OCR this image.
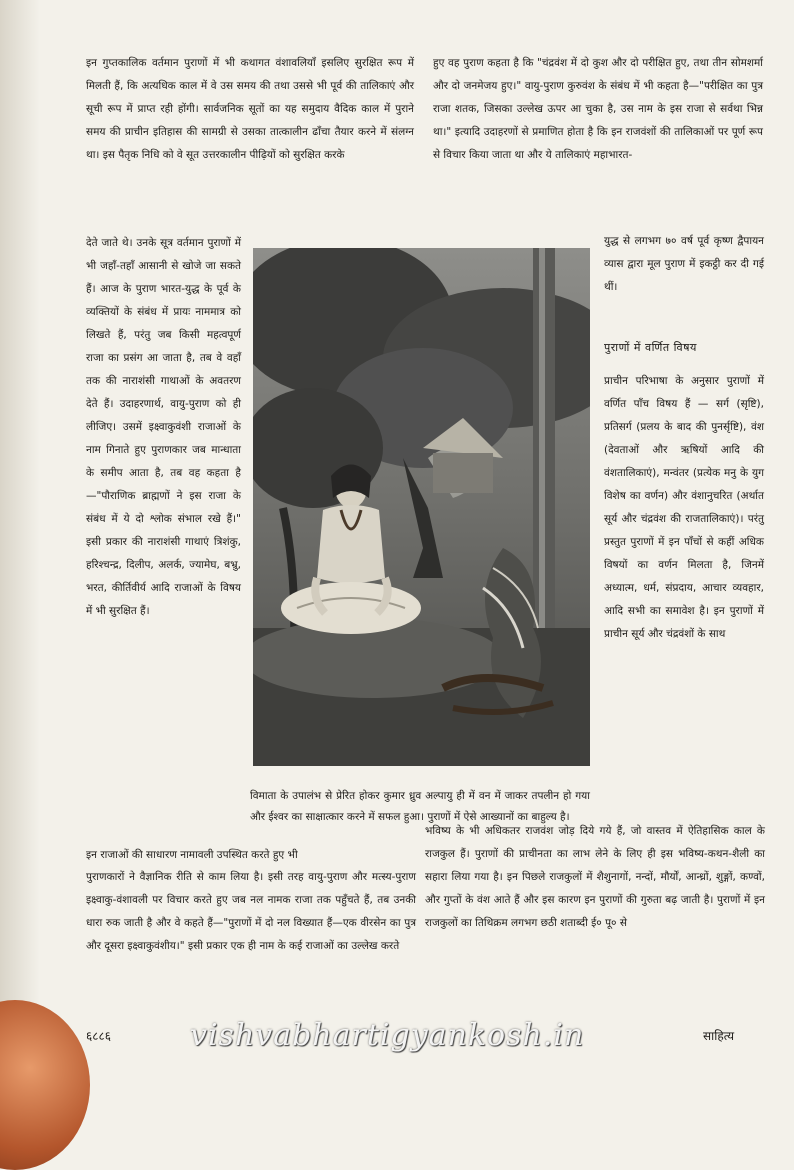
इन गुप्तकालिक वर्तमान पुराणों में भी कथागत वंशावलियाँ इसलिए सुरक्षित रूप में मिलती हैं, कि अत्यधिक काल में वे उस समय की तथा उससे भी पूर्व की तालिकाएं और सूची रूप में प्राप्त रही होंगी। सार्वजनिक सूतों का यह समुदाय वैदिक काल में पुराने समय की प्राचीन इतिहास की सामग्री से उसका तात्कालीन ढाँचा तैयार करने में संलग्न था। इस पैतृक निधि को वे सूत उत्तरकालीन पीढ़ियों को सुरक्षित करके

हुए वह पुराण कहता है कि "चंद्रवंश में दो कुश और दो परीक्षित हुए, तथा तीन सोमशर्मा और दो जनमेजय हुए।" वायु-पुराण कुरुवंश के संबंध में भी कहता है—"परीक्षित का पुत्र राजा शतक, जिसका उल्लेख ऊपर आ चुका है, उस नाम के इस राजा से सर्वथा भिन्न था।" इत्यादि उदाहरणों से प्रमाणित होता है कि इन राजवंशों की तालिकाओं पर पूर्ण रूप से विचार किया जाता था और ये तालिकाएं महाभारत-

युद्ध से लगभग ७० वर्ष पूर्व कृष्ण द्वैपायन व्यास द्वारा मूल पुराण में इकट्ठी कर दी गई थीं।

पुराणों में वर्णित विषय

देते जाते थे। उनके सूत्र वर्तमान पुराणों में भी जहाँ-तहाँ आसानी से खोजे जा सकते हैं। आज के पुराण भारत-युद्ध के पूर्व के व्यक्तियों के संबंध में प्रायः नाममात्र को लिखते हैं, परंतु जब किसी महत्वपूर्ण राजा का प्रसंग आ जाता है, तब वे वहाँ तक की नाराशंसी गाथाओं के अवतरण देते हैं। उदाहरणार्थ, वायु-पुराण को ही लीजिए। उसमें इक्ष्वाकुवंशी राजाओं के नाम गिनाते हुए पुराणकार जब मान्धाता के समीप आता है, तब वह कहता है—"पौराणिक ब्राह्मणों ने इस राजा के संबंध में ये दो श्लोक संभाल रखे हैं।" इसी प्रकार की नाराशंसी गाथाएं त्रिशंकु, हरिश्चन्द्र, दिलीप, अलर्क, ज्यामेघ, बभ्रु, भरत, कीर्तिवीर्य आदि राजाओं के विषय में भी सुरक्षित हैं।

प्राचीन परिभाषा के अनुसार पुराणों में वर्णित पाँच विषय हैं — सर्ग (सृष्टि), प्रतिसर्ग (प्रलय के बाद की पुनर्सृष्टि), वंश (देवताओं और ऋषियों आदि की वंशतालिकाएं), मन्वंतर (प्रत्येक मनु के युग विशेष का वर्णन) और वंशानुचरित (अर्थात सूर्य और चंद्रवंश की राजतालिकाएं)। परंतु प्रस्तुत पुराणों में इन पाँचों से कहीं अधिक विषयों का वर्णन मिलता है, जिनमें अध्यात्म, धर्म, संप्रदाय, आचार व्यवहार, आदि सभी का समावेश है। इन पुराणों में प्राचीन सूर्य और चंद्रवंशों के साथ

विमाता के उपालंभ से प्रेरित होकर कुमार ध्रुव अल्पायु ही में वन में जाकर तपलीन हो गया और ईश्वर का साक्षात्कार करने में सफल हुआ। पुराणों में ऐसे आख्यानों का बाहुल्य है।

इन राजाओं की साधारण नामावली उपस्थित करते हुए भी

भविष्य के भी अधिकतर राजवंश जोड़ दिये गये हैं, जो वास्तव में ऐतिहासिक काल के राजकुल हैं। पुराणों की प्राचीनता का लाभ लेने के लिए ही इस भविष्य-कथन-शैली का सहारा लिया गया है। इन पिछले राजकुलों में शैशुनागों, नन्दों, मौर्यों, आन्ध्रों, शुङ्गों, कण्वों, और गुप्तों के वंश आते हैं और इस कारण इन पुराणों की गुरुता बढ़ जाती है। पुराणों में इन राजकुलों का तिथिक्रम लगभग छठी शताब्दी ई० पू० से

पुराणकारों ने वैज्ञानिक रीति से काम लिया है। इसी तरह वायु-पुराण और मत्स्य-पुराण इक्ष्वाकु-वंशावली पर विचार करते हुए जब नल नामक राजा तक पहुँचते हैं, तब उनकी धारा रुक जाती है और वे कहते हैं—"पुराणों में दो नल विख्यात हैं—एक वीरसेन का पुत्र और दूसरा इक्ष्वाकुवंशीय।" इसी प्रकार एक ही नाम के कई राजाओं का उल्लेख करते

६८८६	साहित्य
vishvabhartigyankosh.in
